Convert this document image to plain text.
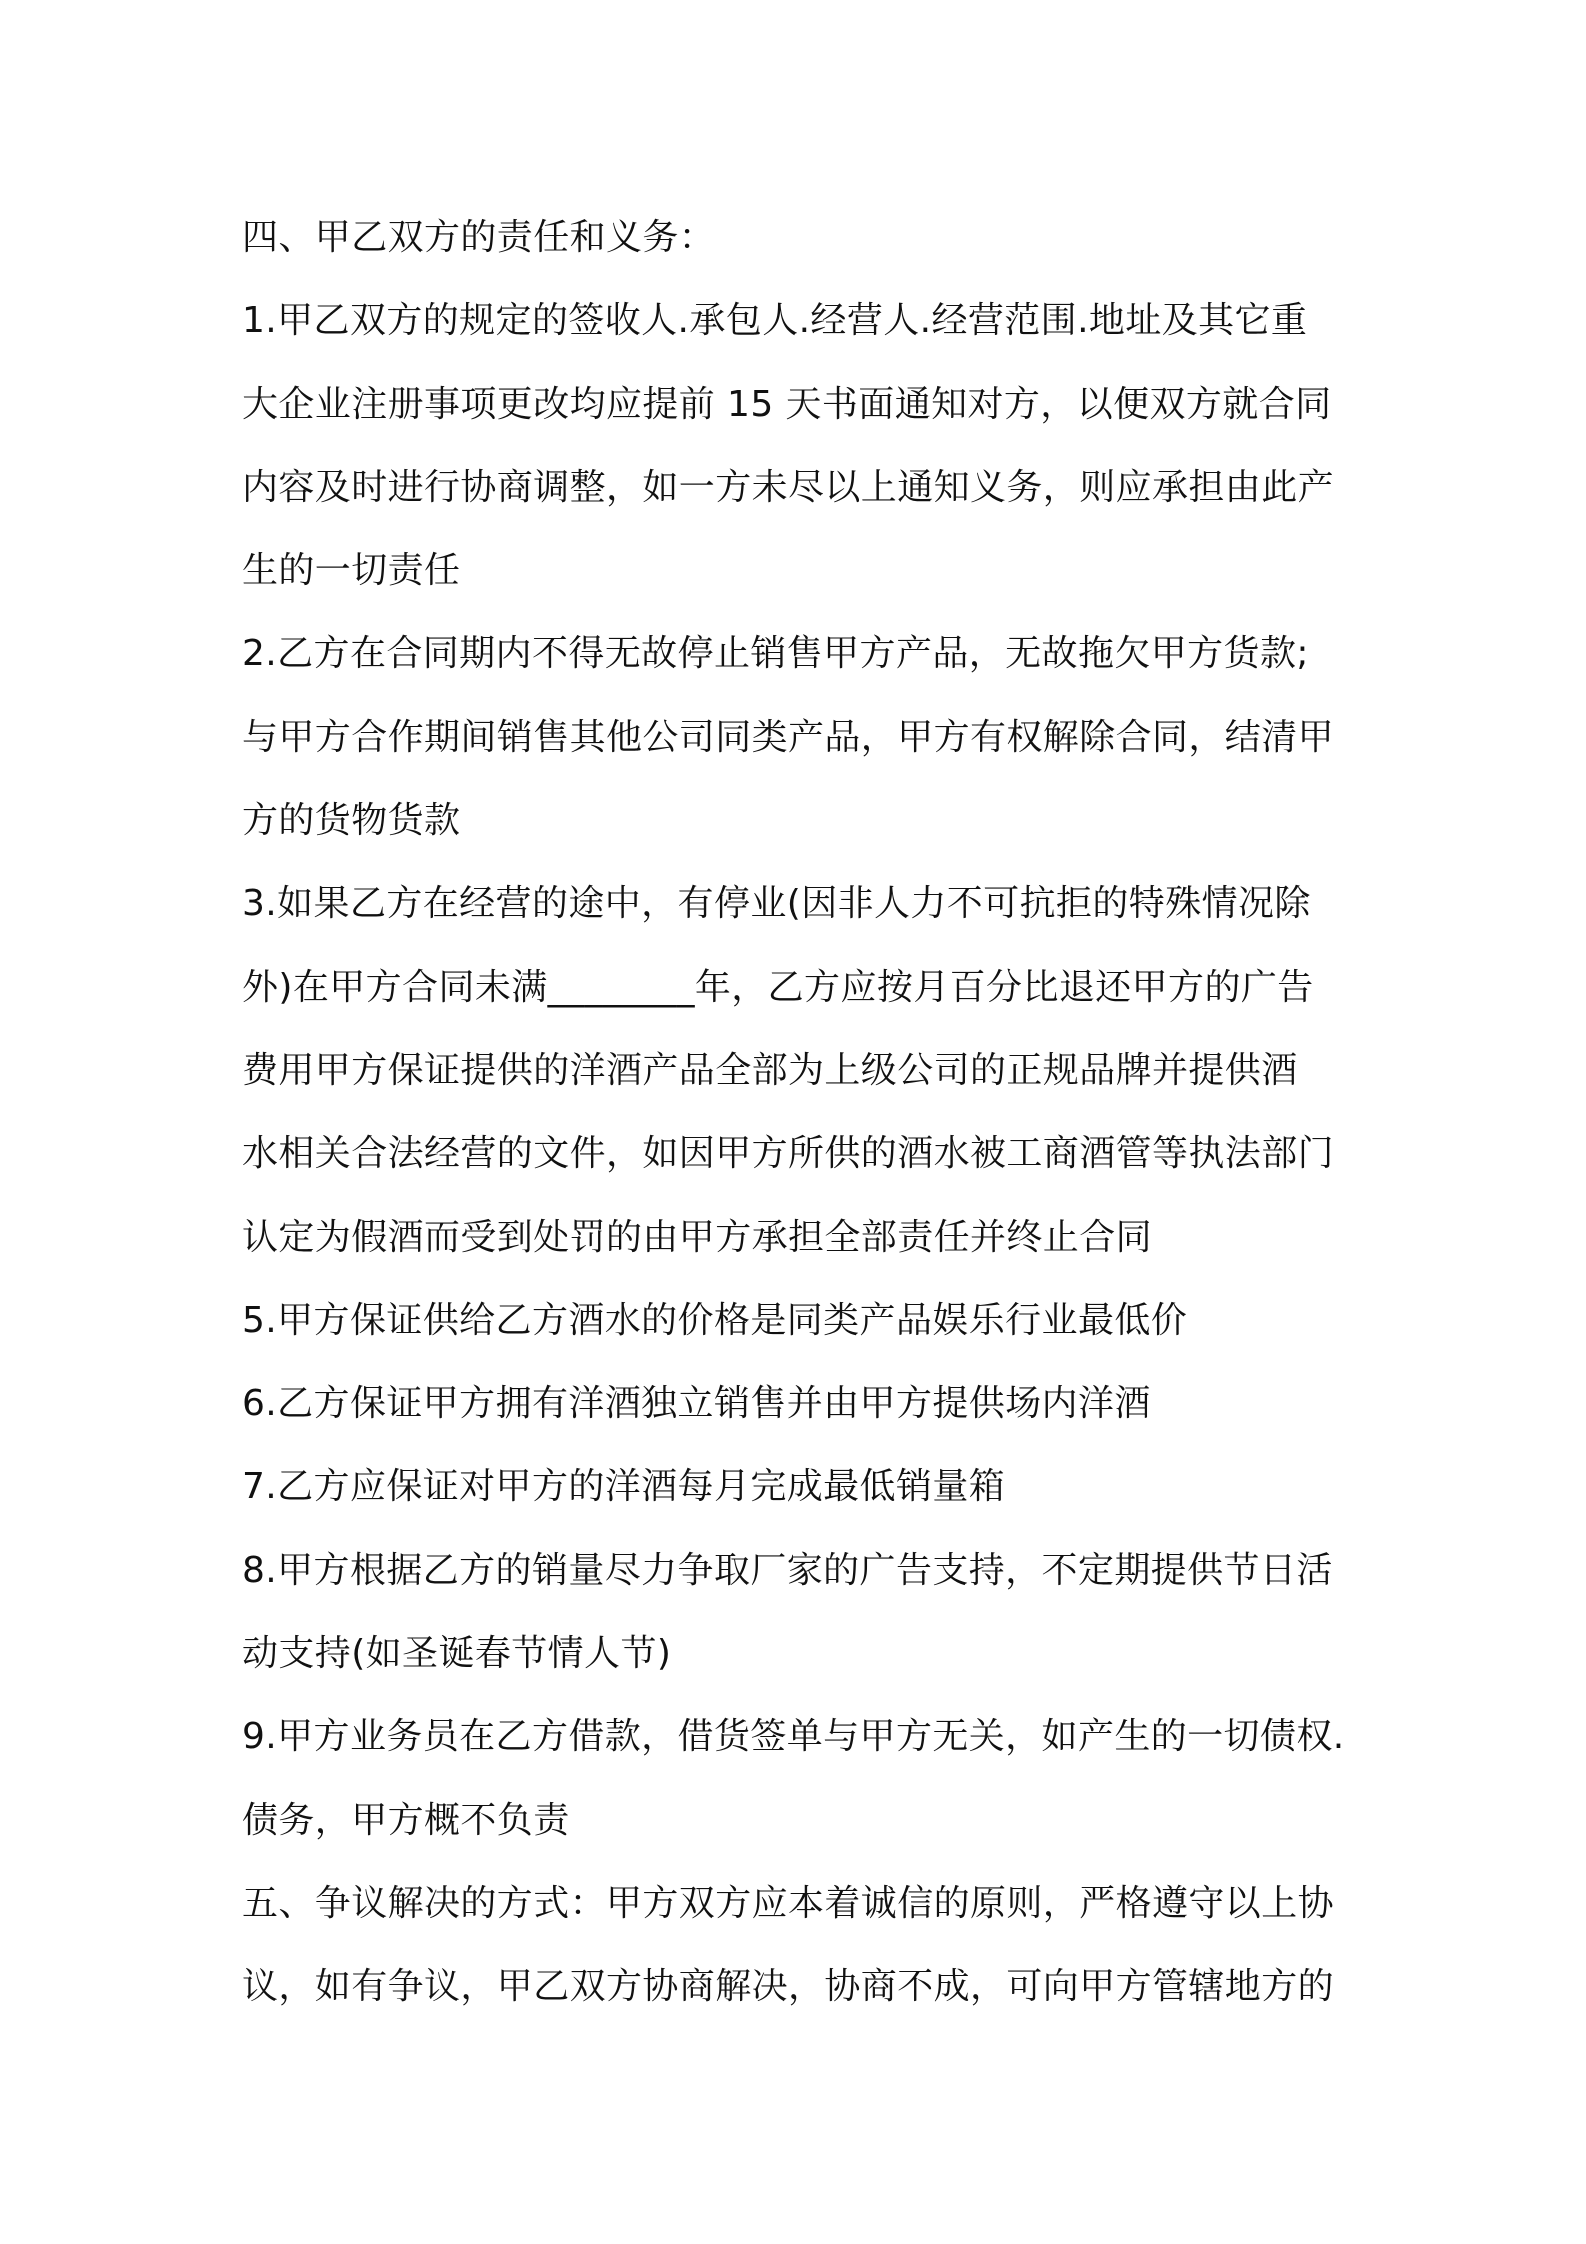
四、甲乙双方的责任和义务：
1.甲乙双方的规定的签收人.承包人.经营人.经营范围.地址及其它重
大企业注册事项更改均应提前 15 天书面通知对方，以便双方就合同
内容及时进行协商调整，如一方未尽以上通知义务，则应承担由此产
生的一切责任
2.乙方在合同期内不得无故停止销售甲方产品，无故拖欠甲方货款;
与甲方合作期间销售其他公司同类产品，甲方有权解除合同，结清甲
方的货物货款
3.如果乙方在经营的途中，有停业(因非人力不可抗拒的特殊情况除
外)在甲方合同未满________年，乙方应按月百分比退还甲方的广告
费用甲方保证提供的洋酒产品全部为上级公司的正规品牌并提供酒
水相关合法经营的文件，如因甲方所供的酒水被工商酒管等执法部门
认定为假酒而受到处罚的由甲方承担全部责任并终止合同
5.甲方保证供给乙方酒水的价格是同类产品娱乐行业最低价
6.乙方保证甲方拥有洋酒独立销售并由甲方提供场内洋酒
7.乙方应保证对甲方的洋酒每月完成最低销量箱
8.甲方根据乙方的销量尽力争取厂家的广告支持，不定期提供节日活
动支持(如圣诞春节情人节)
9.甲方业务员在乙方借款，借货签单与甲方无关，如产生的一切债权.
债务，甲方概不负责
五、争议解决的方式：甲方双方应本着诚信的原则，严格遵守以上协
议，如有争议，甲乙双方协商解决，协商不成，可向甲方管辖地方的
